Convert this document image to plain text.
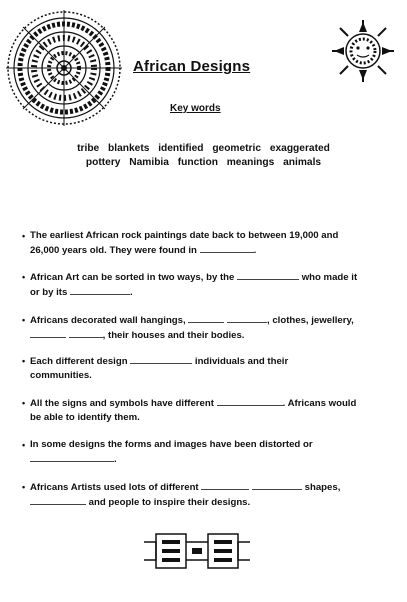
African Designs
Key words
tribe blankets identified geometric exaggerated
pottery Namibia function meanings animals
• The earliest African rock paintings date back to between 19,000 and
26,000 years old. They were found in	.
• African Art can be sorted in two ways, by the	who made it
or by its	.
• Africans decorated wall hangings,	, clothes, jewellery,
, their houses and their bodies.
• Each different design	individuals and their
communities.
• All the signs and symbols have different	. Africans would
be able to identify them.
• In some designs the forms and images have been distorted or
.
• Africans Artists used lots of different	shapes,
and people to inspire their designs.
